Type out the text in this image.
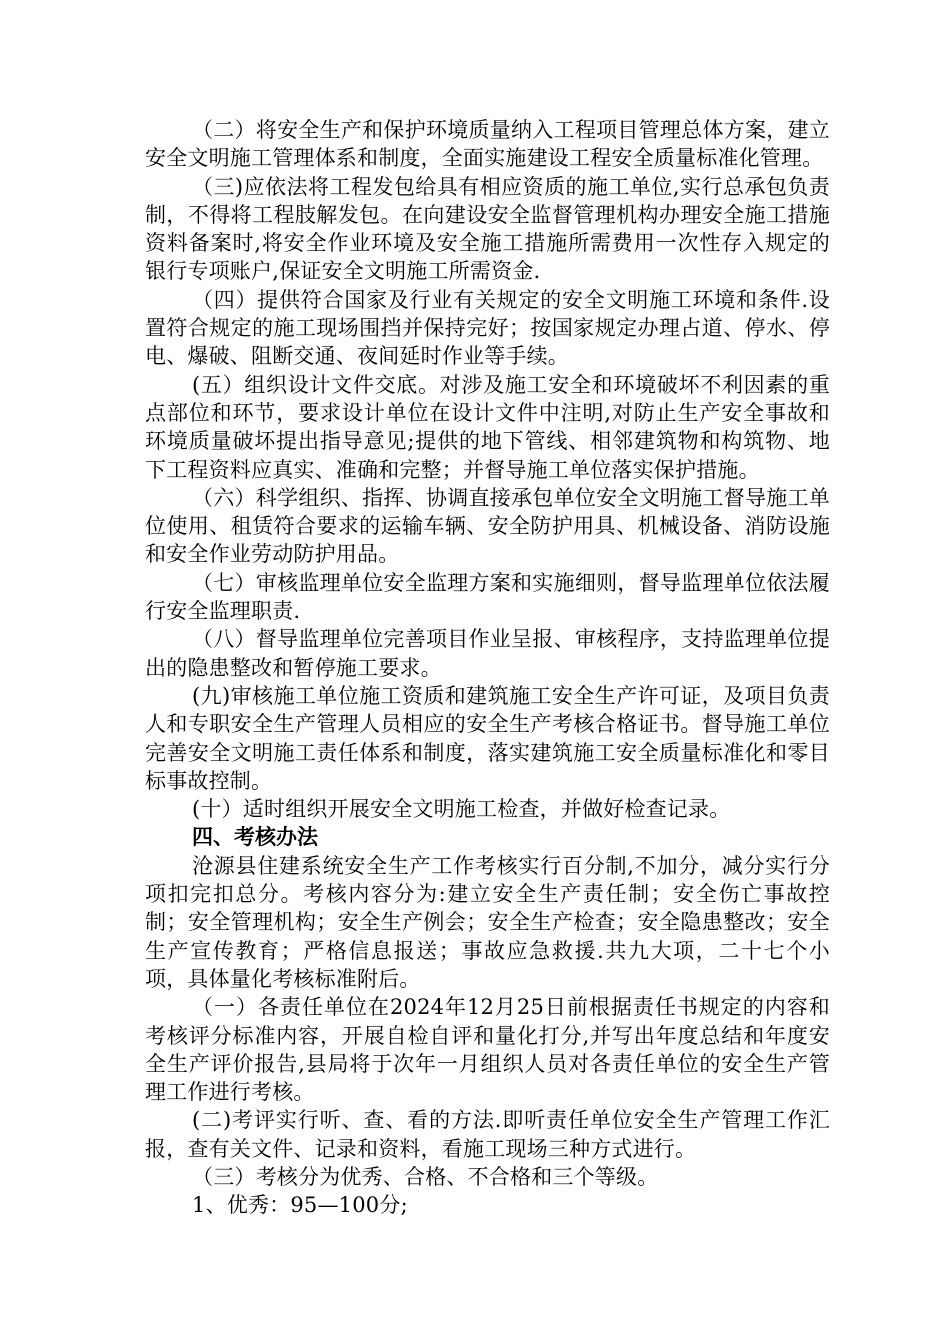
（二）将安全生产和保护环境质量纳入工程项目管理总体方案，建立安全文明施工管理体系和制度，全面实施建设工程安全质量标准化管理。

（三)应依法将工程发包给具有相应资质的施工单位,实行总承包负责制，不得将工程肢解发包。在向建设安全监督管理机构办理安全施工措施资料备案时,将安全作业环境及安全施工措施所需费用一次性存入规定的银行专项账户,保证安全文明施工所需资金.

（四）提供符合国家及行业有关规定的安全文明施工环境和条件.设置符合规定的施工现场围挡并保持完好；按国家规定办理占道、停水、停电、爆破、阻断交通、夜间延时作业等手续。

(五）组织设计文件交底。对涉及施工安全和环境破坏不利因素的重点部位和环节，要求设计单位在设计文件中注明,对防止生产安全事故和环境质量破坏提出指导意见;提供的地下管线、相邻建筑物和构筑物、地下工程资料应真实、准确和完整；并督导施工单位落实保护措施。

（六）科学组织、指挥、协调直接承包单位安全文明施工督导施工单位使用、租赁符合要求的运输车辆、安全防护用具、机械设备、消防设施和安全作业劳动防护用品。

（七）审核监理单位安全监理方案和实施细则，督导监理单位依法履行安全监理职责.

（八）督导监理单位完善项目作业呈报、审核程序，支持监理单位提出的隐患整改和暂停施工要求。

(九)审核施工单位施工资质和建筑施工安全生产许可证，及项目负责人和专职安全生产管理人员相应的安全生产考核合格证书。督导施工单位完善安全文明施工责任体系和制度，落实建筑施工安全质量标准化和零目标事故控制。

(十）适时组织开展安全文明施工检查，并做好检查记录。

四、考核办法

沧源县住建系统安全生产工作考核实行百分制,不加分，减分实行分项扣完扣总分。考核内容分为:建立安全生产责任制；安全伤亡事故控制；安全管理机构；安全生产例会；安全生产检查；安全隐患整改；安全生产宣传教育；严格信息报送；事故应急救援.共九大项，二十七个小项，具体量化考核标准附后。

（一）各责任单位在2024年12月25日前根据责任书规定的内容和考核评分标准内容，开展自检自评和量化打分,并写出年度总结和年度安全生产评价报告,县局将于次年一月组织人员对各责任单位的安全生产管理工作进行考核。

(二)考评实行听、查、看的方法.即听责任单位安全生产管理工作汇报，查有关文件、记录和资料，看施工现场三种方式进行。

（三）考核分为优秀、合格、不合格和三个等级。

1、优秀：95—100分;
